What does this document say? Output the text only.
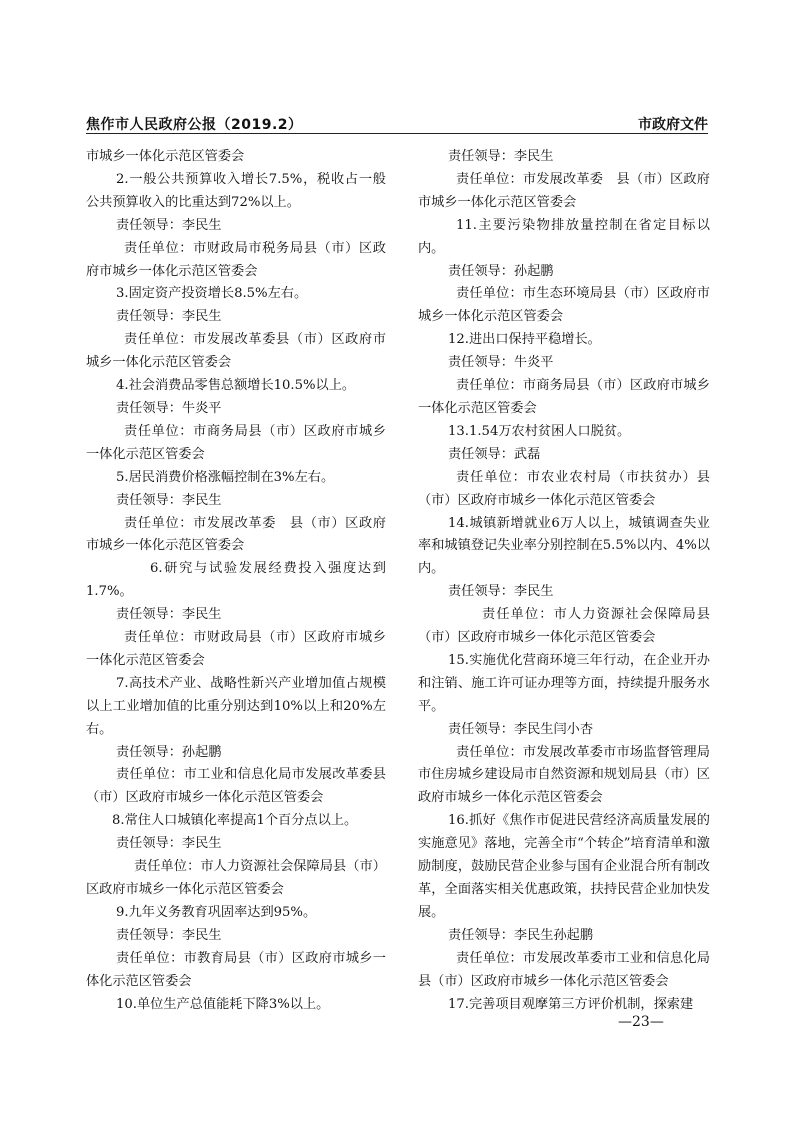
焦作市人民政府公报（2019.2）	市政府文件

市城乡一体化示范区管委会

2.一般公共预算收入增长7.5%，税收占一般公共预算收入的比重达到72%以上。

责任领导：李民生

责任单位：市财政局市税务局县（市）区政府市城乡一体化示范区管委会

3.固定资产投资增长8.5%左右。

责任领导：李民生

责任单位：市发展改革委县（市）区政府市城乡一体化示范区管委会

4.社会消费品零售总额增长10.5%以上。

责任领导：牛炎平

责任单位：市商务局县（市）区政府市城乡一体化示范区管委会

5.居民消费价格涨幅控制在3%左右。

责任领导：李民生

责任单位：市发展改革委　县（市）区政府市城乡一体化示范区管委会

6.研究与试验发展经费投入强度达到1.7%。

责任领导：李民生

责任单位：市财政局县（市）区政府市城乡一体化示范区管委会

7.高技术产业、战略性新兴产业增加值占规模以上工业增加值的比重分别达到10%以上和20%左右。

责任领导：孙起鹏

责任单位：市工业和信息化局市发展改革委县（市）区政府市城乡一体化示范区管委会

8.常住人口城镇化率提高1个百分点以上。

责任领导：李民生

责任单位：市人力资源社会保障局县（市）区政府市城乡一体化示范区管委会

9.九年义务教育巩固率达到95%。

责任领导：李民生

责任单位：市教育局县（市）区政府市城乡一体化示范区管委会

10.单位生产总值能耗下降3%以上。

责任领导：李民生

责任单位：市发展改革委　县（市）区政府市城乡一体化示范区管委会

11.主要污染物排放量控制在省定目标以内。

责任领导：孙起鹏

责任单位：市生态环境局县（市）区政府市城乡一体化示范区管委会

12.进出口保持平稳增长。

责任领导：牛炎平

责任单位：市商务局县（市）区政府市城乡一体化示范区管委会

13.1.54万农村贫困人口脱贫。

责任领导：武磊

责任单位：市农业农村局（市扶贫办）县（市）区政府市城乡一体化示范区管委会

14.城镇新增就业6万人以上，城镇调查失业率和城镇登记失业率分别控制在5.5%以内、4%以内。

责任领导：李民生

责任单位：市人力资源社会保障局县（市）区政府市城乡一体化示范区管委会

15.实施优化营商环境三年行动，在企业开办和注销、施工许可证办理等方面，持续提升服务水平。

责任领导：李民生闫小杏

责任单位：市发展改革委市市场监督管理局市住房城乡建设局市自然资源和规划局县（市）区政府市城乡一体化示范区管委会

16.抓好《焦作市促进民营经济高质量发展的实施意见》落地，完善全市“个转企”培育清单和激励制度，鼓励民营企业参与国有企业混合所有制改革，全面落实相关优惠政策，扶持民营企业加快发展。

责任领导：李民生孙起鹏

责任单位：市发展改革委市工业和信息化局县（市）区政府市城乡一体化示范区管委会

17.完善项目观摩第三方评价机制，探索建

—23—
